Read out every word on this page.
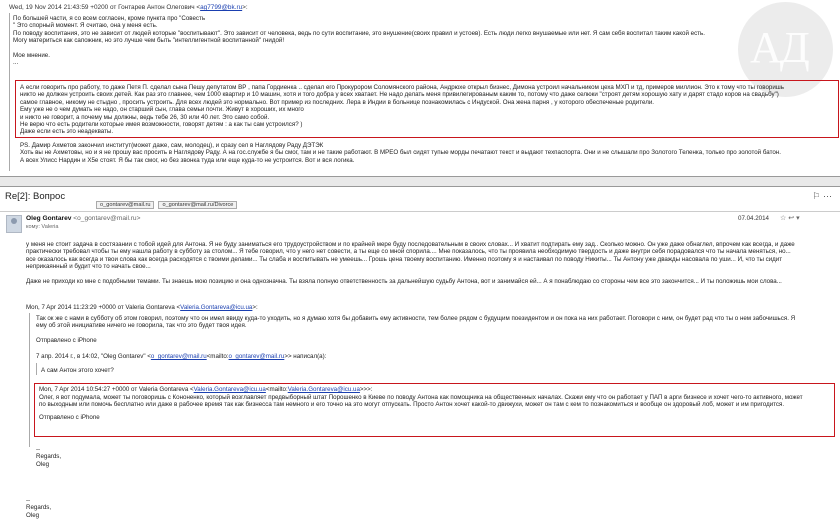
АД
Wed, 19 Nov 2014 21:43:59 +0200 от Гонтарев Антон Олегович <ag7799@bk.ru>:
По большей части, я со всем согласен, кроме пункта про "Совесть
" Это спорный момент. Я считаю, она у меня есть.
По поводу воспитания, это не зависит от людей которые "воспитывают". Это зависит от человека, ведь по сути воспитание, это внушение(своих правил и устоев). Есть люди легко внушаемые или нет. Я сам себя воспитал таким какой есть.
Могу материться как сапожник, но это лучше чем быть "интеллигентной воспитанной" гнидой!

Мое мнение.
...
А если говорить про работу, то даже Петя П. сделал сына Пешу депутатом ВР , папа Гордиенка .. сделал его Прокурором Соломянского района, Андрюхе открыл бизнес, Димона устроил начальником цеха МХП и тд, примеров миллион. Это к тому что ты говоришь
никто не должен устроить своих детей. Как раз это главнее, чем 1000 квартир и 10 машин, хотя и того добра у всех хватает. Не надо делать меня привилегированым каким то, потому что даже селюки "строят детям хорошую хату и дарят стадо коров на свадьбу")
самое главное, никому не стыдно , просить устроить. Для всех людей это нормально. Вот пример из последних. Лера в Индии в больнице познакомилась с Индуской. Она жена парня , у которого обеспеченые родители.
Ему уже не о чем думать не надо, он старший сын, глава семьи почти. Живут в хороших, их много
и никто не говорит, а почему мы должны, ведь тебе 26, 30 или 40 лет. Это само собой.
Не верю что есть родители которые имея возможности, говорят детям : а как ты сам устроился? )
Даже если есть это неадекваты.
PS. Дамир Ахметов закончил институт(может даже, сам, молодец), и сразу сел в Наглядову Раду ДЭТЭК
Хоть вы не Ахметовы, но и я не прошу вас просить в Наглядову Раду. А на гос.службе я бы смог, там и не такие работают. В МРЕО был сидят тупые морды печатают текст и выдают техпаспорта. Они и не слышали про Золотого Теленка, только про золотой батон.
А всех Улисс Нардин и Х5е стоят. Я бы так смог, но без звонка туда или еще куда-то не устроится. Вот и вся логика.
Re[2]: Вопрос	⚐ ⋯
o_gontarev@mail.ru	o_gontarev@mail.ru/Divorce
Oleg Gontarev <o_gontarev@mail.ru>
кому: Valeria
07.04.2014 ☆ ↩ ▾
у меня не стоит задача в состязании с тобой идей для Антона. Я не буду заниматься его трудоустройством и по крайней мере буду последовательным в своих словах... И хватит подтирать ему зад.. Сколько можно. Он уже даже обнаглел, впрочем как всегда, и даже
практически требовал чтобы ты ему нашла работу в субботу за столом... Я тебе говорил, что у него нет совести, а ты еще со мной спорила.... Мне показалось, что ты проявила необходимую твердость и даже внутри себя порадовался что ты начала меняться, но...
все оказалось как всегда и твои слова как всегда расходятся с твоими делами... Ты слаба и воспитывать не умеешь... Грошь цена твоему воспитанию. Именно поэтому я и настаивал по поводу Никиты... Ты Антону уже дважды насовала по уши... И, что ты сидит
неприкаянный и будит что то начать свое...

Даже не приходи ко мне с подобными темами. Ты знаешь мою позицию и она однозначна. Ты взяла полную ответственность за дальнейшую судьбу Антона, вот и занимайся ей... А я понаблюдаю со стороны чем все это закончится... И ты положишь мои слова...
Mon, 7 Apr 2014 11:23:29 +0000 от Valeria Gontareva <Valeria.Gontareva@icu.ua>:
Так ок же с нами в субботу об этом говорил, поэтому что он имел ввиду куда-то уходить, но я думаю хотя бы добавить ему активности, тем более рядом с будущим поезидентом и он пока на них работает. Поговори с ним, он будет рад что ты о нем забочишься. Я
ему об этой инициативе ничего не говорила, так что это будет твоя идея.
Отправлено с iPhone
7 апр. 2014 г., в 14:02, "Oleg Gontarev" <o_gontarev@mail.ru<mailto:o_gontarev@mail.ru>> написал(а):
А сам Антон этого хочет?
Mon, 7 Apr 2014 10:54:27 +0000 от Valeria Gontareva <Valeria.Gontareva@icu.ua<mailto:Valeria.Gontareva@icu.ua>>>:
Олег, я вот подумала, может ты поговоришь с Кононенко, который возглавляет предвыборный штат Порошенко в Киеве по поводу Антона как помощника на общественных началах. Скажи ему что он работает у ПАП в арги бизнесе и хочет чего-то активного, может
по выходным или помочь бесплатно или даже в рабочее время так как бизнесса там немного и его точно на это могут отпускать. Просто Антон хочет какой-то движухи, может он там с кем то познакомиться и вообще он здоровый лоб, может и им пригодится.
Отправлено с iPhone
--
Regards,
Oleg
--
Regards,
Oleg
